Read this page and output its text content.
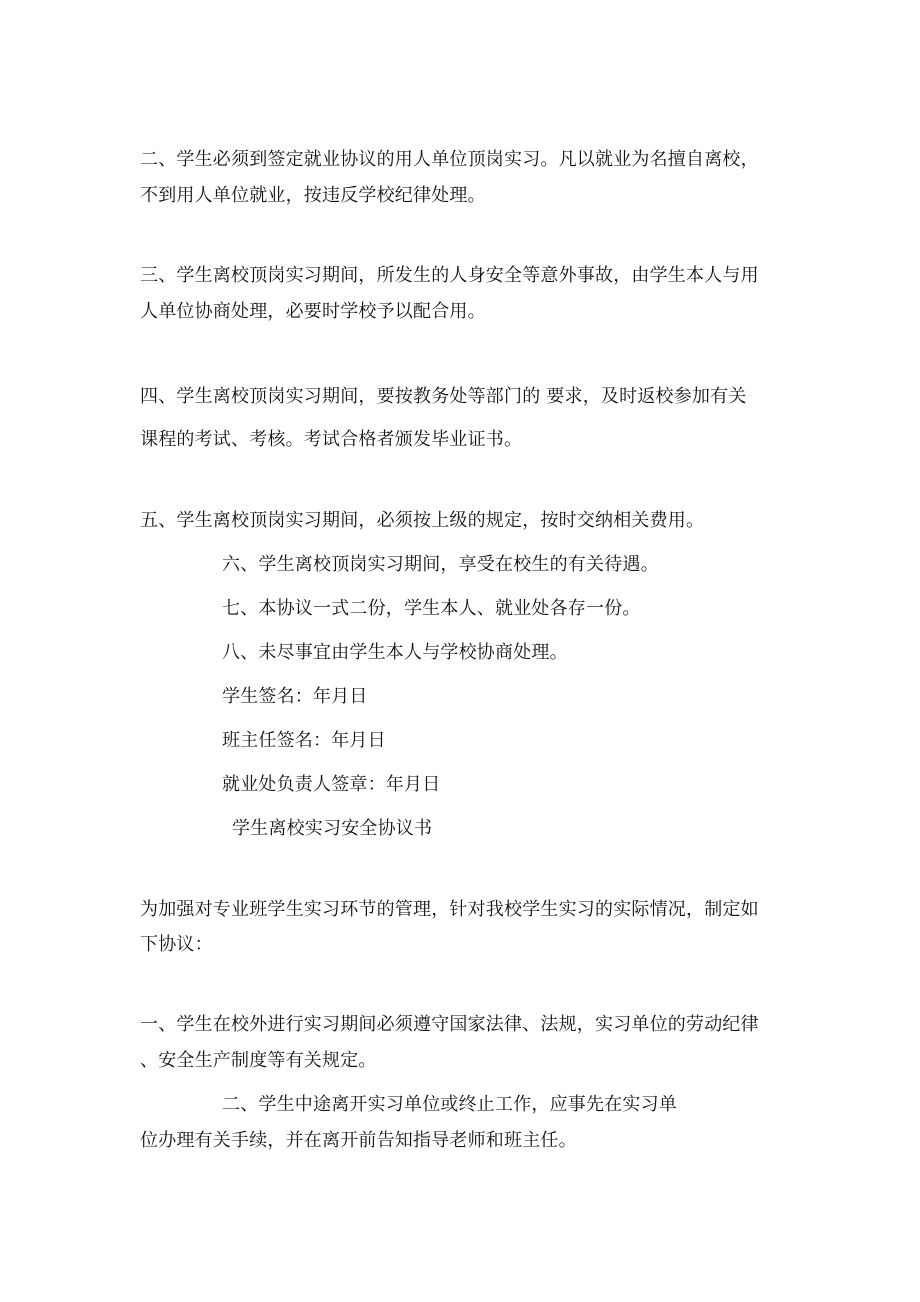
二、学生必须到签定就业协议的用人单位顶岗实习。凡以就业为名擅自离校，

不到用人单位就业，按违反学校纪律处理。

三、学生离校顶岗实习期间，所发生的人身安全等意外事故，由学生本人与用

人单位协商处理，必要时学校予以配合用。

四、学生离校顶岗实习期间，要按教务处等部门的 要求，及时返校参加有关

课程的考试、考核。考试合格者颁发毕业证书。

五、学生离校顶岗实习期间，必须按上级的规定，按时交纳相关费用。

六、学生离校顶岗实习期间，享受在校生的有关待遇。

七、本协议一式二份，学生本人、就业处各存一份。

八、未尽事宜由学生本人与学校协商处理。

学生签名：年月日

班主任签名：年月日

就业处负责人签章：年月日

学生离校实习安全协议书

为加强对专业班学生实习环节的管理，针对我校学生实习的实际情况，制定如

下协议：

一、学生在校外进行实习期间必须遵守国家法律、法规，实习单位的劳动纪律

、安全生产制度等有关规定。

二、学生中途离开实习单位或终止工作，应事先在实习单

位办理有关手续，并在离开前告知指导老师和班主任。
